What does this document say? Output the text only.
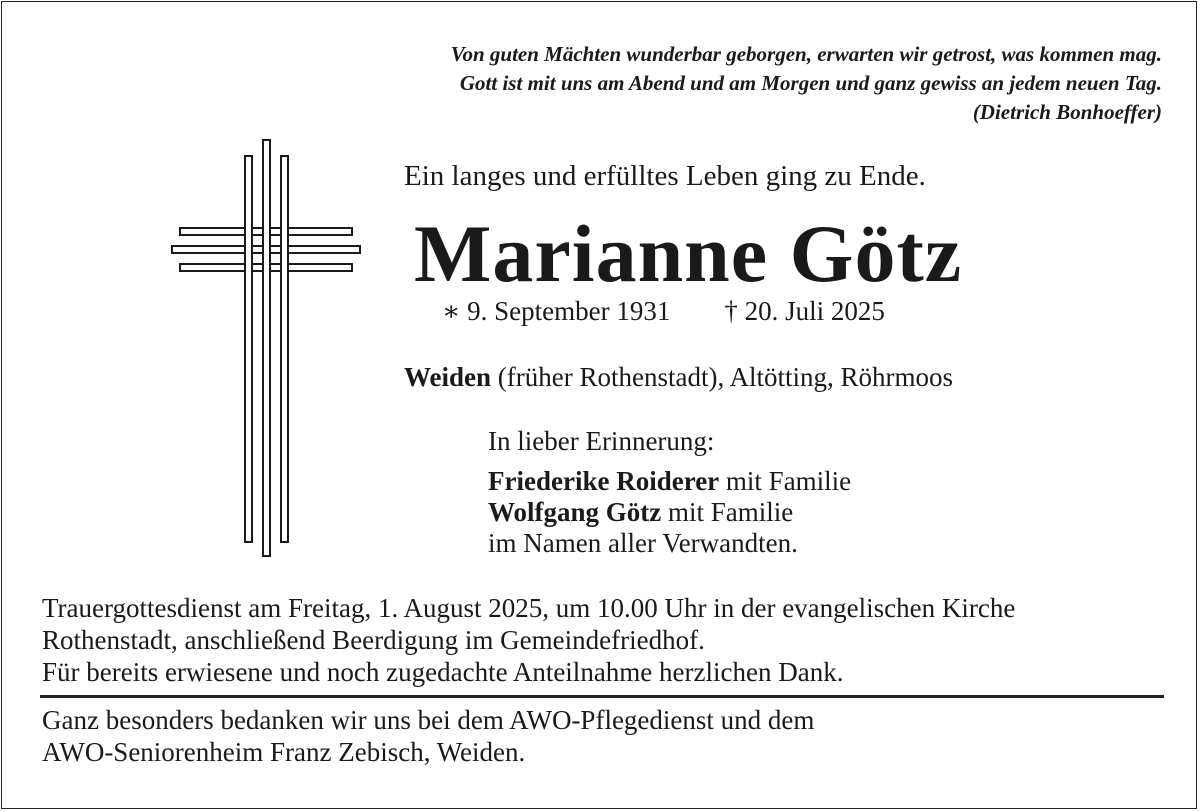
Von guten Mächten wunderbar geborgen, erwarten wir getrost, was kommen mag.
Gott ist mit uns am Abend und am Morgen und ganz gewiss an jedem neuen Tag.
(Dietrich Bonhoeffer)
Ein langes und erfülltes Leben ging zu Ende.
Marianne Götz
∗ 9. September 1931 † 20. Juli 2025
Weiden (früher Rothenstadt), Altötting, Röhrmoos
In lieber Erinnerung:
Friederike Roiderer mit Familie
Wolfgang Götz mit Familie
im Namen aller Verwandten.
Trauergottesdienst am Freitag, 1. August 2025, um 10.00 Uhr in der evangelischen Kirche
Rothenstadt, anschließend Beerdigung im Gemeindefriedhof.
Für bereits erwiesene und noch zugedachte Anteilnahme herzlichen Dank.
Ganz besonders bedanken wir uns bei dem AWO-Pflegedienst und dem
AWO-Seniorenheim Franz Zebisch, Weiden.
